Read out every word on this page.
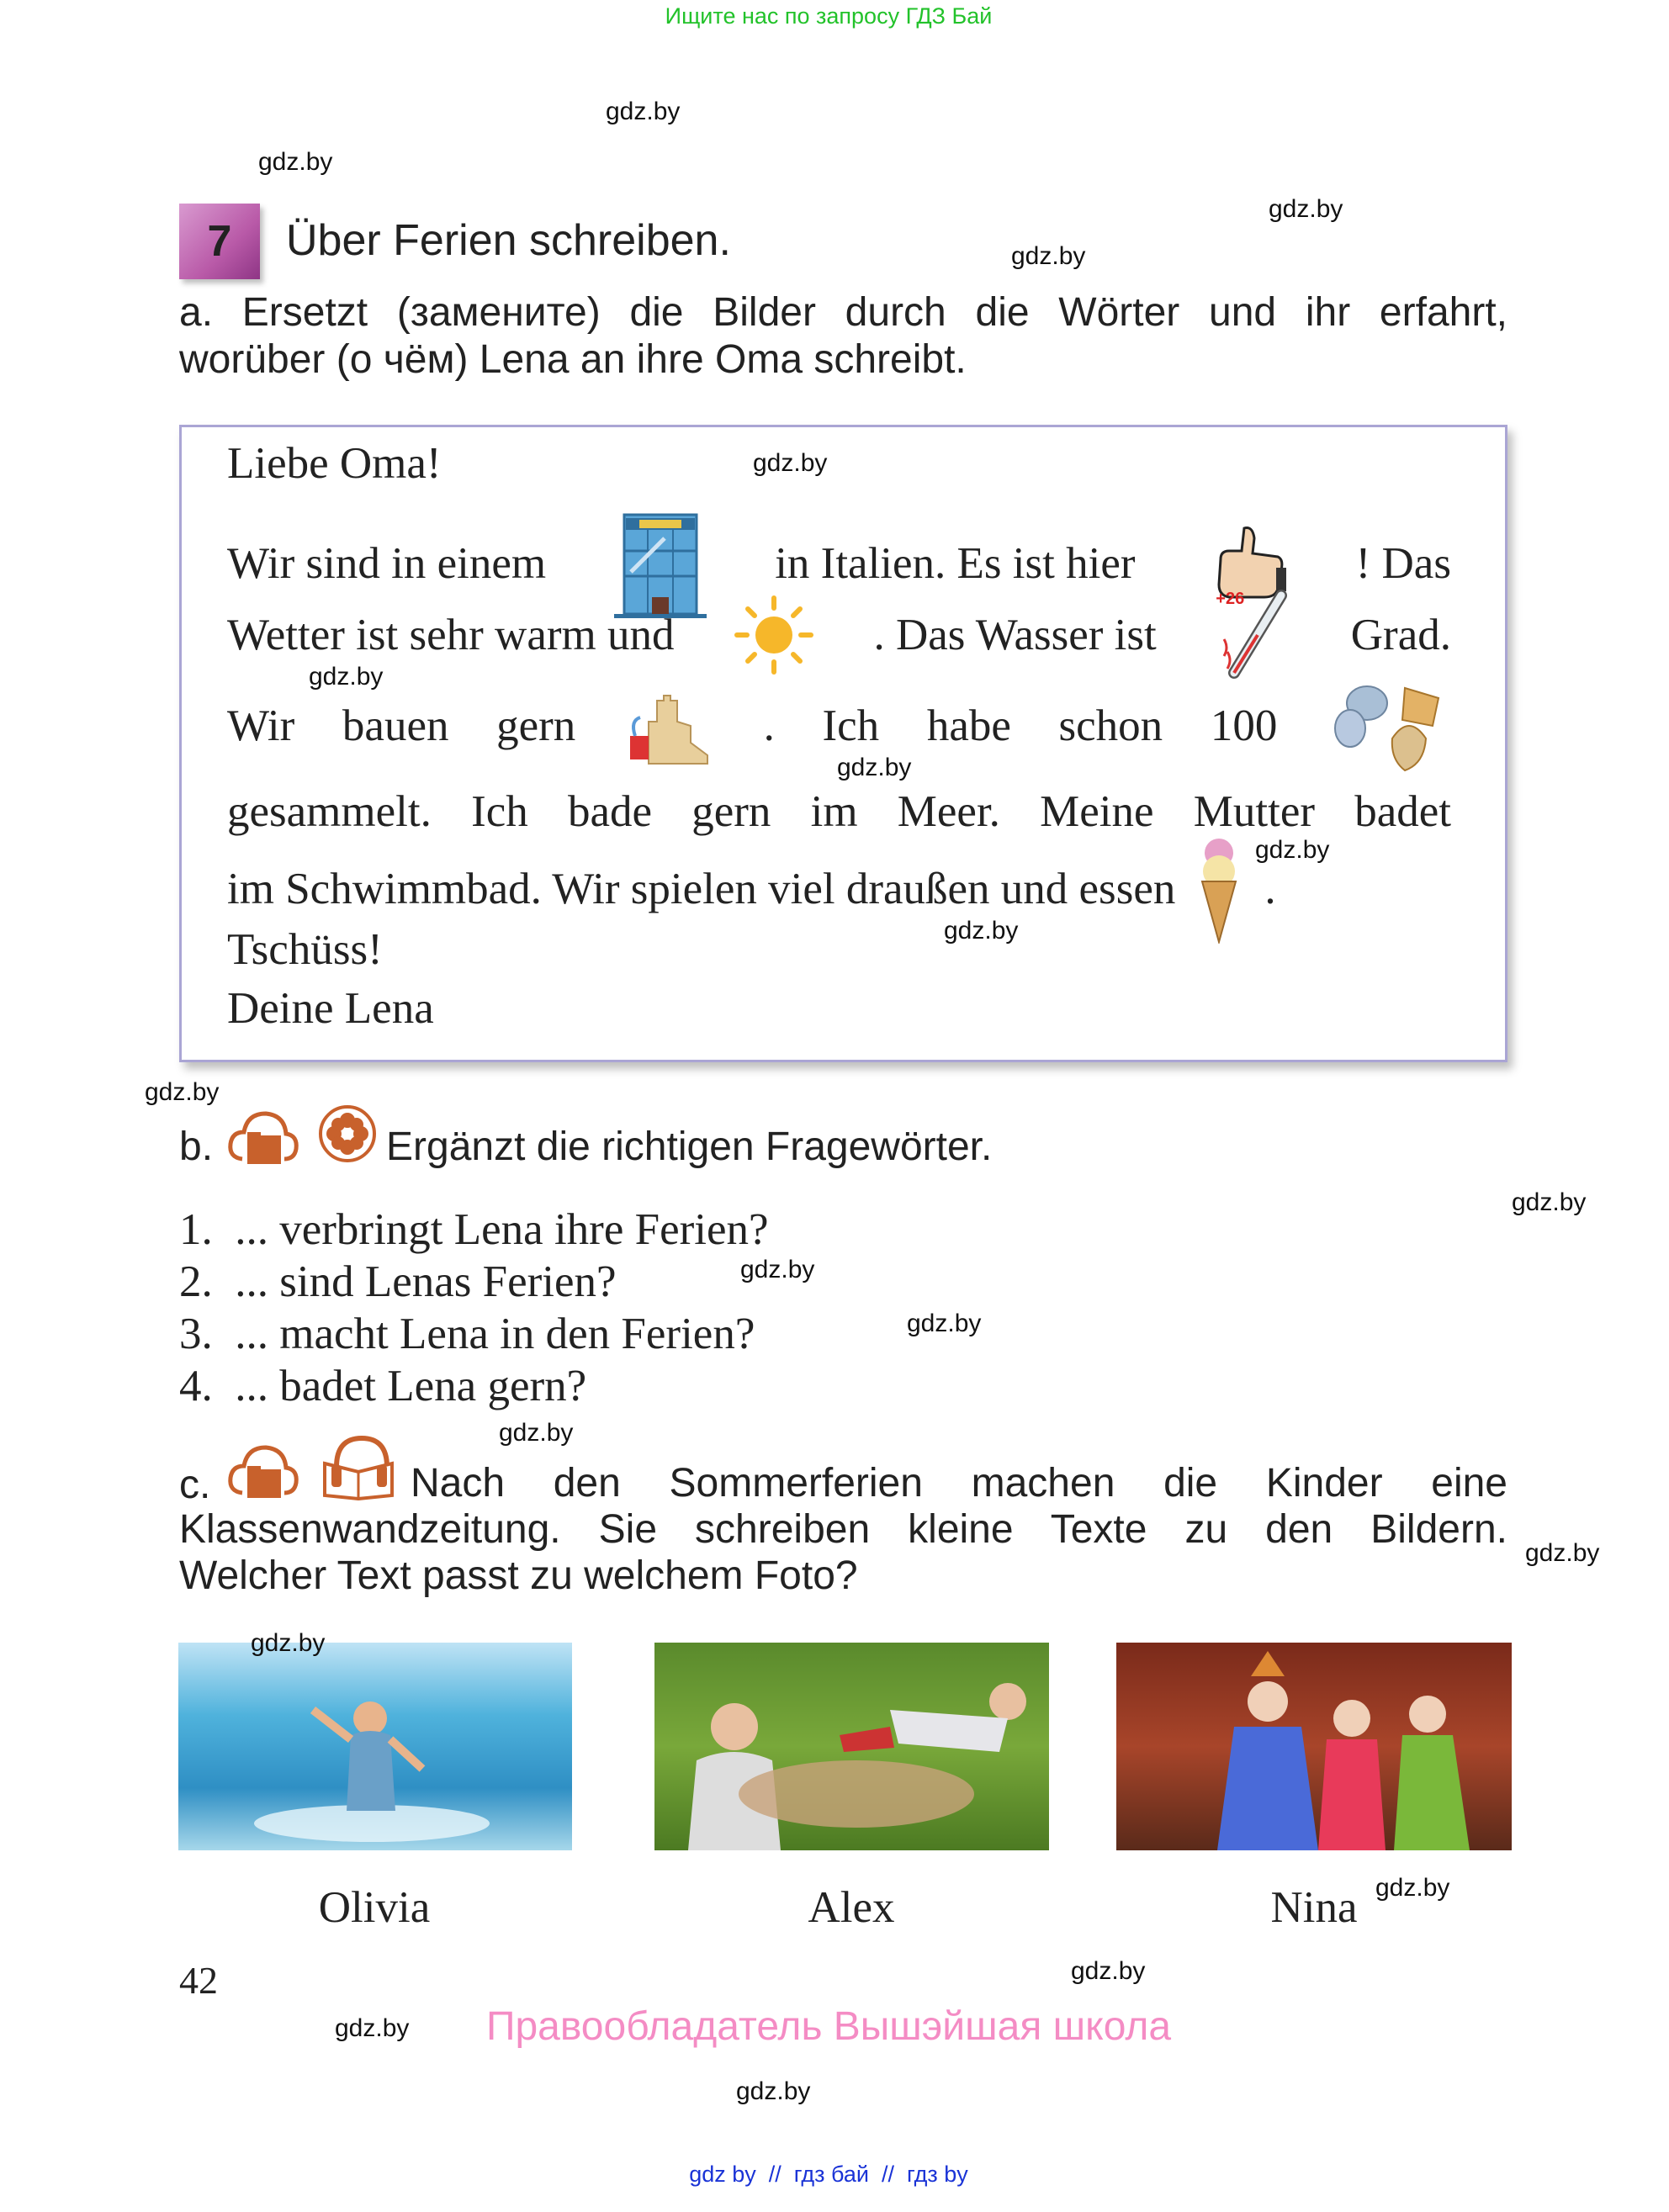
Ищите нас по запросу ГДЗ Бай
gdz.by
gdz.by
gdz.by
gdz.by
7	Über Ferien schreiben.
a. Ersetzt (замените) die Bilder durch die Wörter und ihr erfahrt,
worüber (о чём) Lena an ihre Oma schreibt.
Liebe Oma!
Wir sind in einem	in Italien. Es ist hier	! Das
Wetter ist sehr warm und	. Das Wasser ist
+26
Grad.
Wir bauen gern	. Ich habe schon 100
gesammelt. Ich bade gern im Meer. Meine Mutter badet
im Schwimmbad. Wir spielen viel draußen und essen .
Tschüss!
Deine Lena
gdz.by
gdz.by
gdz.by
gdz.by
gdz.by
gdz.by
b.	Ergänzt die richtigen Fragewörter.
1.  ... verbringt Lena ihre Ferien?
2.  ... sind Lenas Ferien?
3.  ... macht Lena in den Ferien?
4.  ... badet Lena gern?
gdz.by
gdz.by
gdz.by
gdz.by
c.	Nach den Sommerferien machen die Kinder eine
Klassenwandzeitung. Sie schreiben kleine Texte zu den Bildern.
Welcher Text passt zu welchem Foto?
gdz.by
gdz.by
Olivia	Alex	Nina gdz.by
42	gdz.by
gdz.by	Правообладатель Вышэйшая школа
gdz.by
gdz by  //  гдз бай  //  гдз by
